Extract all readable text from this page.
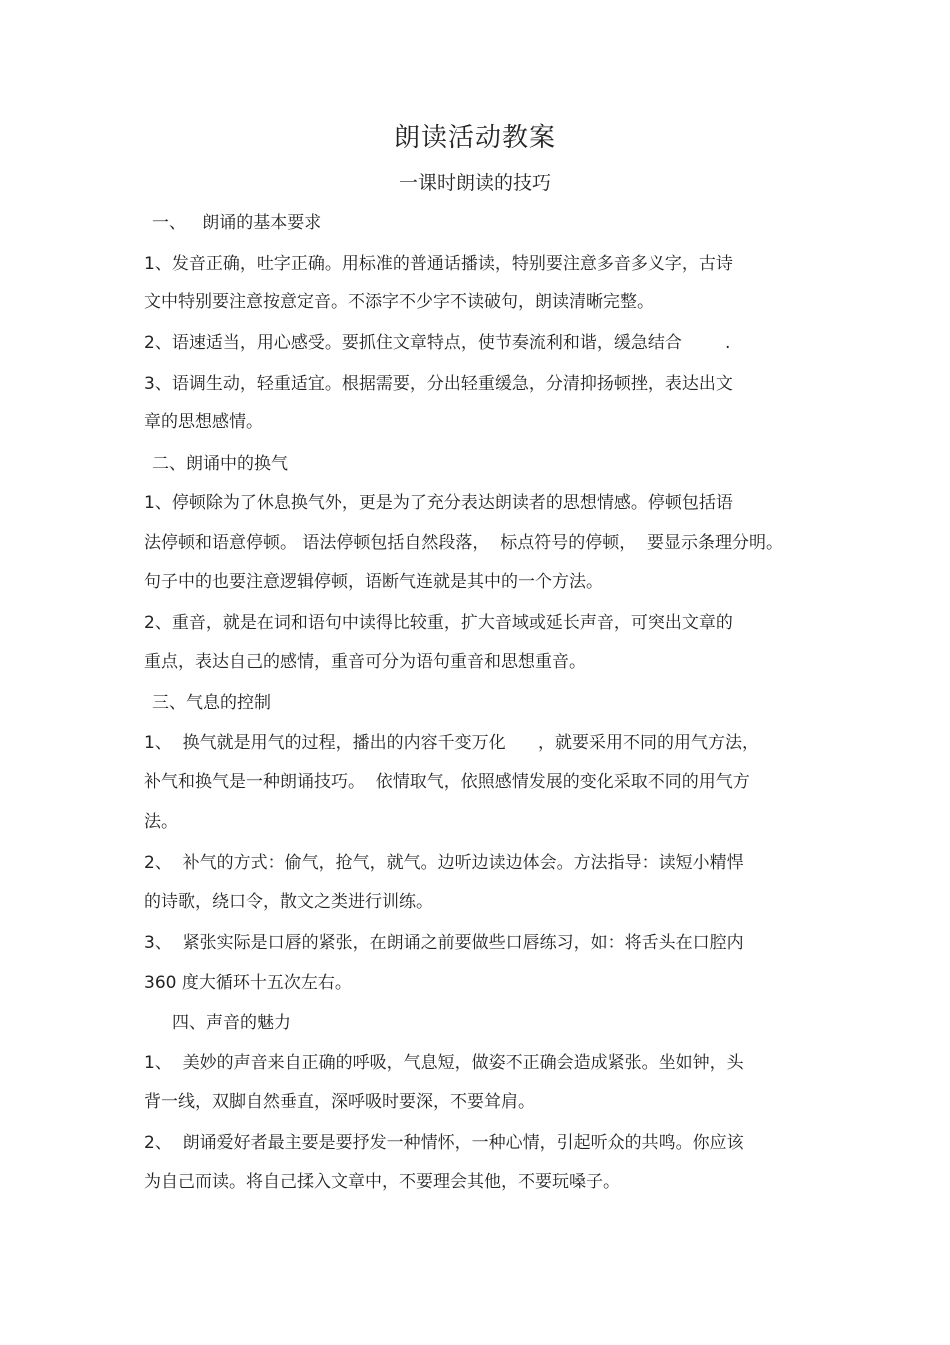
朗读活动教案
一课时朗读的技巧
一、   朗诵的基本要求
1、发音正确，吐字正确。用标准的普通话播读，特别要注意多音多义字，古诗
文中特别要注意按意定音。不添字不少字不读破句，朗读清晰完整。
2、语速适当，用心感受。要抓住文章特点，使节奏流利和谐，缓急结合        .
3、语调生动，轻重适宜。根据需要，分出轻重缓急，分清抑扬顿挫，表达出文
章的思想感情。
二、朗诵中的换气
1、停顿除为了休息换气外，更是为了充分表达朗读者的思想情感。停顿包括语
法停顿和语意停顿。 语法停顿包括自然段落，  标点符号的停顿，  要显示条理分明。
句子中的也要注意逻辑停顿，语断气连就是其中的一个方法。
2、重音，就是在词和语句中读得比较重，扩大音域或延长声音，可突出文章的
重点，表达自己的感情，重音可分为语句重音和思想重音。
三、气息的控制
1、  换气就是用气的过程，播出的内容千变万化      ，就要采用不同的用气方法，
补气和换气是一种朗诵技巧。  依情取气，依照感情发展的变化采取不同的用气方
法。
2、  补气的方式：偷气，抢气，就气。边听边读边体会。方法指导：读短小精悍
的诗歌，绕口令，散文之类进行训练。
3、  紧张实际是口唇的紧张，在朗诵之前要做些口唇练习，如：将舌头在口腔内
360 度大循环十五次左右。
四、声音的魅力
1、  美妙的声音来自正确的呼吸，气息短，做姿不正确会造成紧张。坐如钟，头
背一线，双脚自然垂直，深呼吸时要深，不要耸肩。
2、  朗诵爱好者最主要是要抒发一种情怀，一种心情，引起听众的共鸣。你应该
为自己而读。将自己揉入文章中，不要理会其他，不要玩嗓子。
